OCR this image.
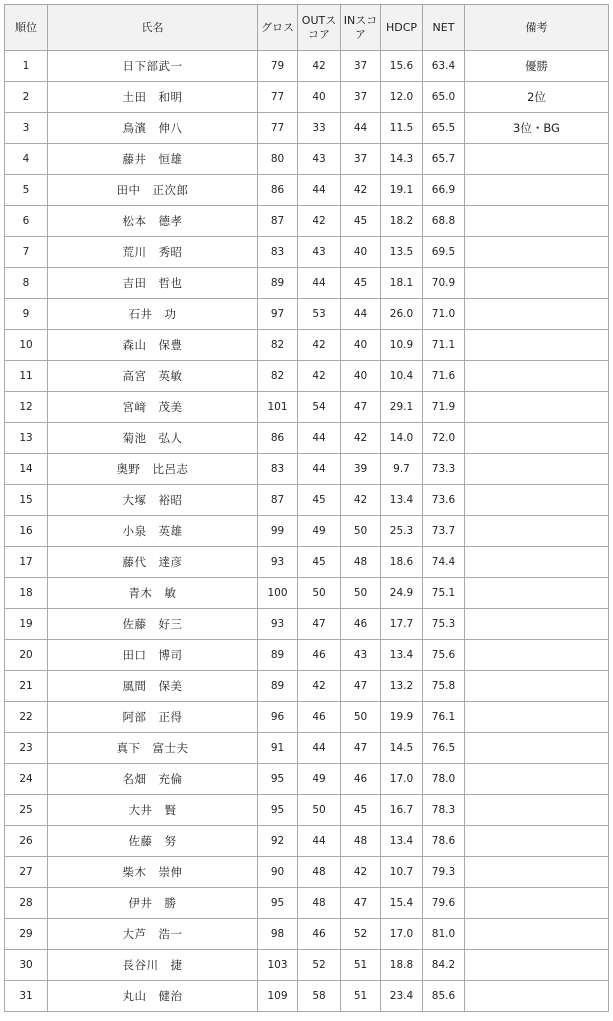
順位	氏名	グロス	OUTスコア	INスコア	HDCP	NET	備考
1	日下部武一	79	42	37	15.6	63.4	優勝
2	土田　和明	77	40	37	12.0	65.0	2位
3	鳥濱　伸八	77	33	44	11.5	65.5	3位・BG
4	藤井　恒雄	80	43	37	14.3	65.7	
5	田中　正次郎	86	44	42	19.1	66.9	
6	松本　德孝	87	42	45	18.2	68.8	
7	荒川　秀昭	83	43	40	13.5	69.5	
8	吉田　哲也	89	44	45	18.1	70.9	
9	石井　功	97	53	44	26.0	71.0	
10	森山　保豊	82	42	40	10.9	71.1	
11	高宮　英敏	82	42	40	10.4	71.6	
12	宮﨑　茂美	101	54	47	29.1	71.9	
13	菊池　弘人	86	44	42	14.0	72.0	
14	奥野　比呂志	83	44	39	9.7	73.3	
15	大塚　裕昭	87	45	42	13.4	73.6	
16	小泉　英雄	99	49	50	25.3	73.7	
17	藤代　達彦	93	45	48	18.6	74.4	
18	青木　敏	100	50	50	24.9	75.1	
19	佐藤　好三	93	47	46	17.7	75.3	
20	田口　博司	89	46	43	13.4	75.6	
21	風間　保美	89	42	47	13.2	75.8	
22	阿部　正得	96	46	50	19.9	76.1	
23	真下　富士夫	91	44	47	14.5	76.5	
24	名畑　充倫	95	49	46	17.0	78.0	
25	大井　賢	95	50	45	16.7	78.3	
26	佐藤　努	92	44	48	13.4	78.6	
27	柴木　崇伸	90	48	42	10.7	79.3	
28	伊井　勝	95	48	47	15.4	79.6	
29	大芦　浩一	98	46	52	17.0	81.0	
30	長谷川　捷	103	52	51	18.8	84.2	
31	丸山　健治	109	58	51	23.4	85.6	
